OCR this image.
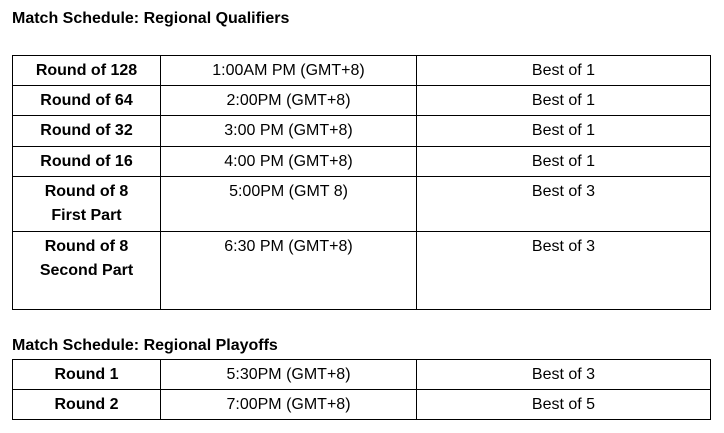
Match Schedule: Regional Qualifiers
Round of 128	1:00AM PM (GMT+8)	Best of 1

Round of 64	2:00PM (GMT+8)	Best of 1

Round of 32	3:00 PM (GMT+8)	Best of 1

Round of 16	4:00 PM (GMT+8)	Best of 1

Round of 8
First Part	5:00PM (GMT 8)	Best of 3

Round of 8
Second Part	6:30 PM (GMT+8)	Best of 3
Match Schedule: Regional Playoffs
Round 1	5:30PM (GMT+8)	Best of 3

Round 2	7:00PM (GMT+8)	Best of 5
